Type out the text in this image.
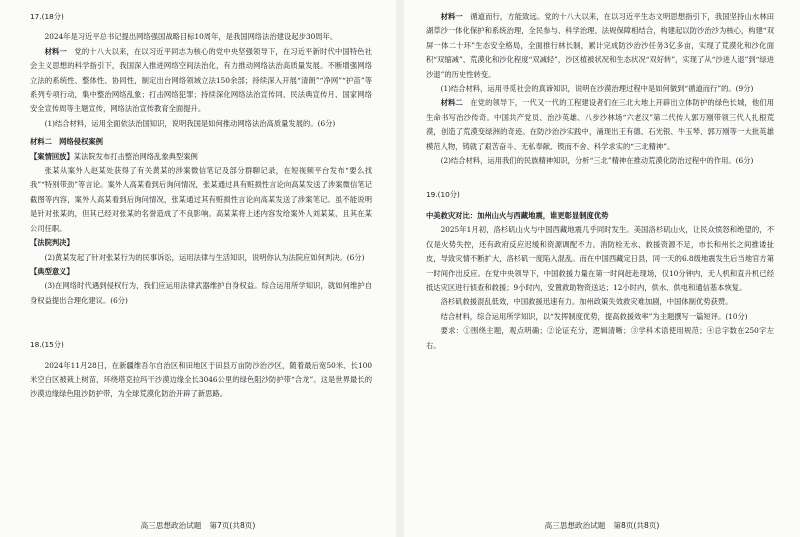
17.(18分)

2024年是习近平总书记提出网络强国战略目标10周年，是我国网络法治建设起步30周年。

材料一　 党的十八大以来，在以习近平同志为核心的党中央坚强领导下，在习近平新时代中国特色社会主义思想的科学指引下，我国深入推进网络空间法治化，有力推动网络法治高质量发展。不断增强网络立法的系统性、整体性、协同性，制定出台网络领域立法150余部；持续深入开展“清朗”“净网”“护苗”等系列专项行动，集中整治网络乱象；打击网络犯罪；持续深化网络法治宣传同、民法典宣传月、国家网络安全宣传周等主题宣传，网络法治宣传教育全面提升。

(1)结合材料，运用全面依法治国知识，说明我国是如何推动网络法治高质量发展的。(6分)

材料二　网络侵权案例

【案情回放】某法院发布打击整治网络乱象典型案例

张某从案外人赵某处获得了有关黄某的涉案微信笔记及部分群聊记录，在短视频平台发布“要么找我”“特别带劲”等言论。案外人高某看到后询问情况，张某通过具有赃损性言论向高某发送了涉案微信笔记截图等内容，案外人高某看到后询问情况，张某通过其有赃损性言论向高某发送了涉案笔记。虽不能说明是针对张某的，但其已经对张某的名誉造成了不良影响。高某某将上述内容发给案外人刘某某，且其在某公司任职。

【法院判决】

(2)黄某发起了针对张某行为的民事诉讼，运用法律与生活知识，说明你认为法院应如何判决。(6分)

【典型意义】

(3)在网络时代遇到侵权行为，我们应运用法律武器维护自身权益。综合运用所学知识，就如何维护自身权益提出合理化建议。(6分)

18.(15分)

2024年11月28日，在新疆维吾尔自治区和田地区于田县万亩防沙治沙区，随着最后宽50米、长100米空白区被栽上树苗，环绕塔克拉玛干沙漠边缘全长3046公里的绿色阻沙防护带“合龙”。这是世界最长的沙漠边缘绿色阻沙防护带，为全球荒漠化防治开辟了新思路。

高三思想政治试题 第7页(共8页)

材料一　 循道而行，方能致远。党的十八大以来，在以习近平生态文明思想指引下，我国坚持山水林田湖草沙一体化保护和系统治理，全民参与、科学治理、法规保障相结合，构建起以防沙治沙为核心，构建“双屏一体二十环”生态安全格局，全面推行林长制，累计完成防沙治沙任务3亿多亩，实现了荒漠化和沙化面积“双缩减”、荒漠化和沙化程度“双减轻”，沙区植被状况和生态状况“双好转”，实现了从“沙进人退”到“绿进沙退”的历史性转变。

(1)结合材料，运用寻觅社会的真谛知识，说明在沙漠治理过程中是如何做到“循道而行”的。(9分)

材料二　 在党的领导下，一代又一代的工程建设者们在三北大地上开辟出立体防护的绿色长城，他们用生命书写治沙传奇。中国共产党员、治沙英雄、八步沙林场“六老汉”第二代传人郭万刚带领三代人扎根荒漠，创造了荒漠变绿洲的奇迹。在防沙治沙实践中，涌现出王有德、石光银、牛玉琴、郭万刚等一大批英雄模范人物，铸就了艰苦奋斗、无私奉献、锲而不舍、科学求实的“三北精神”。

(2)结合材料，运用我们的民族精神知识，分析“三北”精神在推动荒漠化防治过程中的作用。(6分)

19.(10分)

中美救灾对比：加州山火与西藏地震，谁更彰显制度优势

2025年1月初，洛杉矶山火与中国西藏地震几乎同时发生。美国洛杉矶山火，让民众愤怒和绝望的，不仅是火势失控，还有政府反应迟缓和资源调配不力。消防栓无水、救援资源不足，市长和州长之间推诿扯皮，导致灾情不断扩大，洛杉矶一度陷入混乱。而在中国西藏定日县，同一天的6.8级地震发生后当地官方第一时间作出反应。在党中央领导下，中国救援力量在第一时间赶赴现场，仅10分钟内，无人机和直升机已经抵达灾区进行侦查和救援；9小时内，安置救助物资送达；12小时内，供水、供电和通信基本恢复。

洛杉矶救援混乱低效，中国救援迅速有力。加州政策失效救灾难加剧，中国体制优势获赞。

结合材料，综合运用所学知识，以“发挥制度优势，提高救援效率”为主题撰写一篇短评。(10分)

要求：①围绕主题，观点明确；②论证充分，逻辑清晰；③学科术语使用规范；④总字数在250字左右。

高三思想政治试题 第8页(共8页)
